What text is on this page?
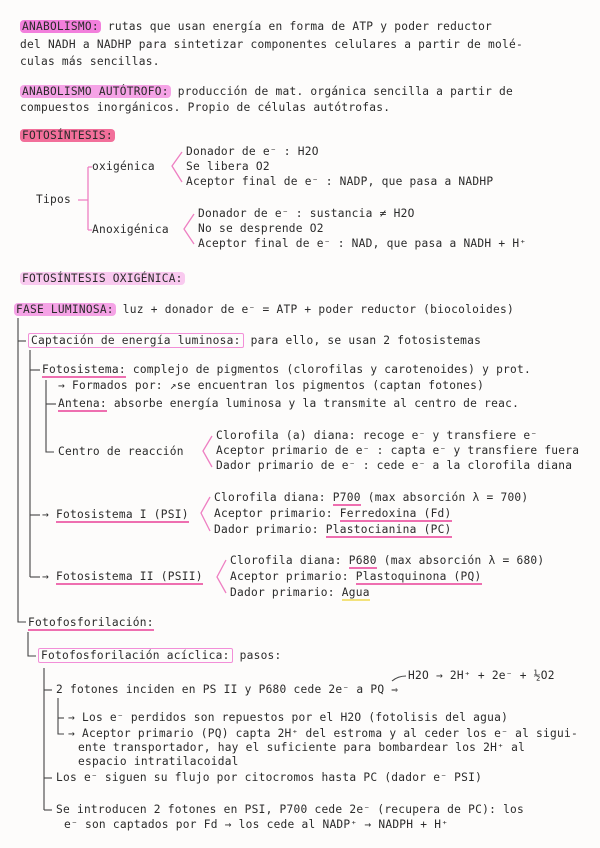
ANABOLISMO: rutas que usan energía en forma de ATP y poder reductor
del NADH a NADHP para sintetizar componentes celulares a partir de molé-
culas más sencillas.
ANABOLISMO AUTÓTROFO: producción de mat. orgánica sencilla a partir de
compuestos inorgánicos. Propio de células autótrofas.
FOTOSÍNTESIS:
Tipos
oxigénica
Donador de e⁻ : H2O
Se libera O2
Aceptor final de e⁻ : NADP, que pasa a NADHP
Anoxigénica
Donador de e⁻ : sustancia ≠ H2O
No se desprende O2
Aceptor final de e⁻ : NAD, que pasa a NADH + H⁺
FOTOSÍNTESIS OXIGÉNICA:
FASE LUMINOSA: luz + donador de e⁻ = ATP + poder reductor (biocoloides)
Captación de energía luminosa: para ello, se usan 2 fotosistemas
Fotosistema: complejo de pigmentos (clorofilas y carotenoides) y prot.
→ Formados por: ↗se encuentran los pigmentos (captan fotones)
Antena: absorbe energía luminosa y la transmite al centro de reac.
Centro de reacción
Clorofila (a) diana: recoge e⁻ y transfiere e⁻
Aceptor primario de e⁻ : capta e⁻ y transfiere fuera
Dador primario de e⁻ : cede e⁻ a la clorofila diana
→ Fotosistema I (PSI)
Clorofila diana: P700 (max absorción λ = 700)
Aceptor primario: Ferredoxina (Fd)
Dador primario: Plastocianina (PC)
→ Fotosistema II (PSII)
Clorofila diana: P680 (max absorción λ = 680)
Aceptor primario: Plastoquinona (PQ)
Dador primario: Agua
Fotofosforilación:
Fotofosforilación acíclica: pasos:
H2O → 2H⁺ + 2e⁻ + ½O2
2 fotones inciden en PS II y P680 cede 2e⁻ a PQ ⇒
→ Los e⁻ perdidos son repuestos por el H2O (fotolisis del agua)
→ Aceptor primario (PQ) capta 2H⁺ del estroma y al ceder los e⁻ al sigui-
ente transportador, hay el suficiente para bombardear los 2H⁺ al
espacio intratilacoidal
Los e⁻ siguen su flujo por citocromos hasta PC (dador e⁻ PSI)
Se introducen 2 fotones en PSI, P700 cede 2e⁻ (recupera de PC): los
e⁻ son captados por Fd → los cede al NADP⁺ → NADPH + H⁺
